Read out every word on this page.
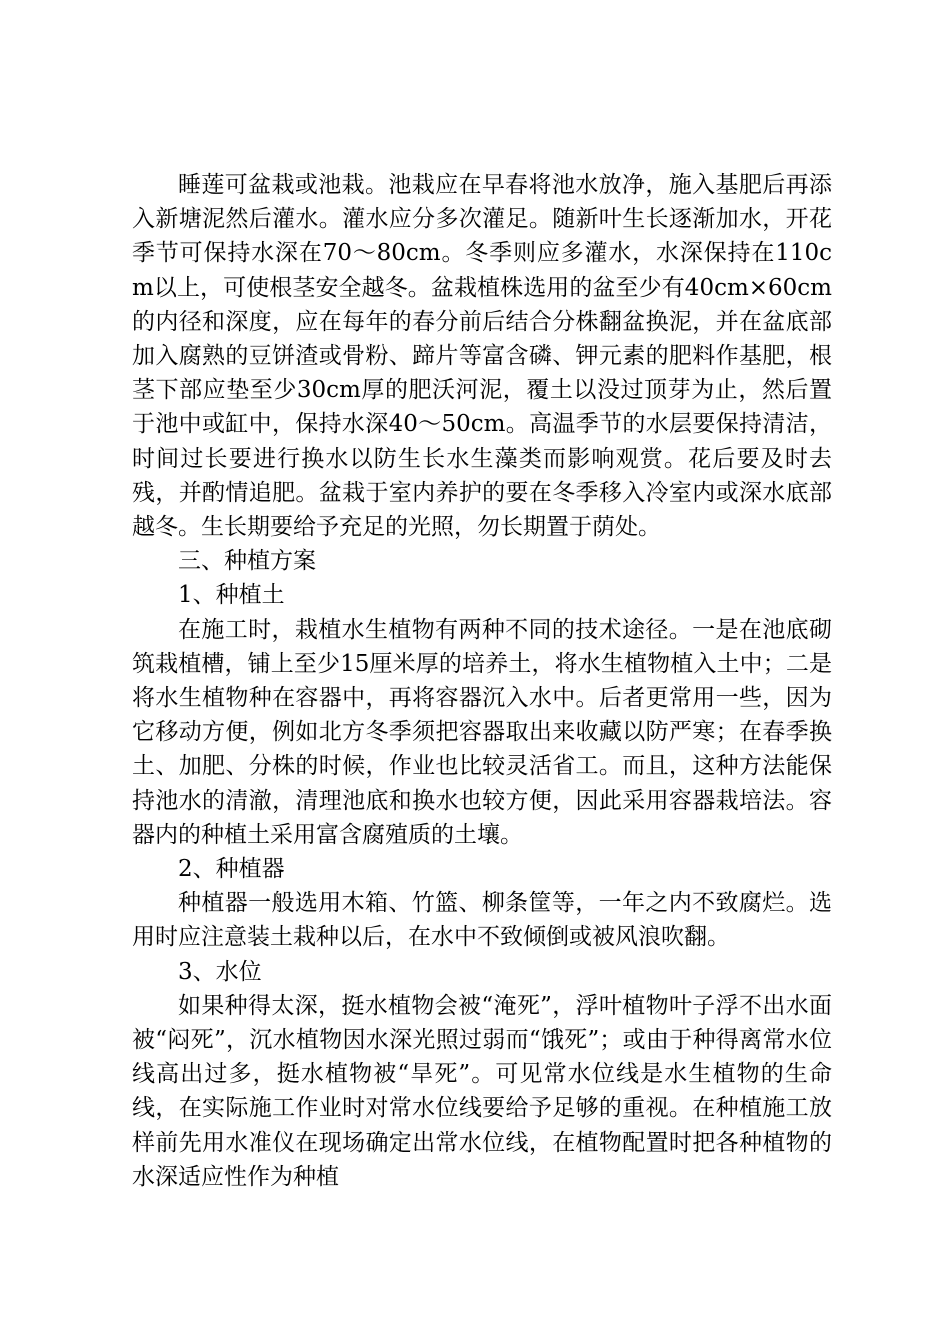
睡莲可盆栽或池栽。池栽应在早春将池水放净，施入基肥后再添入新塘泥然后灌水。灌水应分多次灌足。随新叶生长逐渐加水，开花季节可保持水深在70～80cm。冬季则应多灌水，水深保持在110cm以上，可使根茎安全越冬。盆栽植株选用的盆至少有40cm×60cm的内径和深度，应在每年的春分前后结合分株翻盆换泥，并在盆底部加入腐熟的豆饼渣或骨粉、蹄片等富含磷、钾元素的肥料作基肥，根茎下部应垫至少30cm厚的肥沃河泥，覆土以没过顶芽为止，然后置于池中或缸中，保持水深40～50cm。高温季节的水层要保持清洁，时间过长要进行换水以防生长水生藻类而影响观赏。花后要及时去残，并酌情追肥。盆栽于室内养护的要在冬季移入冷室内或深水底部越冬。生长期要给予充足的光照，勿长期置于荫处。

三、种植方案

1、种植土

在施工时，栽植水生植物有两种不同的技术途径。一是在池底砌筑栽植槽，铺上至少15厘米厚的培养土，将水生植物植入土中；二是将水生植物种在容器中，再将容器沉入水中。后者更常用一些，因为它移动方便，例如北方冬季须把容器取出来收藏以防严寒；在春季换土、加肥、分株的时候，作业也比较灵活省工。而且，这种方法能保持池水的清澈，清理池底和换水也较方便，因此采用容器栽培法。容器内的种植土采用富含腐殖质的土壤。

2、种植器

种植器一般选用木箱、竹篮、柳条筐等，一年之内不致腐烂。选用时应注意装土栽种以后，在水中不致倾倒或被风浪吹翻。

3、水位

如果种得太深，挺水植物会被“淹死”，浮叶植物叶子浮不出水面被“闷死”，沉水植物因水深光照过弱而“饿死”；或由于种得离常水位线高出过多，挺水植物被“旱死”。可见常水位线是水生植物的生命线，在实际施工作业时对常水位线要给予足够的重视。在种植施工放样前先用水准仪在现场确定出常水位线，在植物配置时把各种植物的水深适应性作为种植
